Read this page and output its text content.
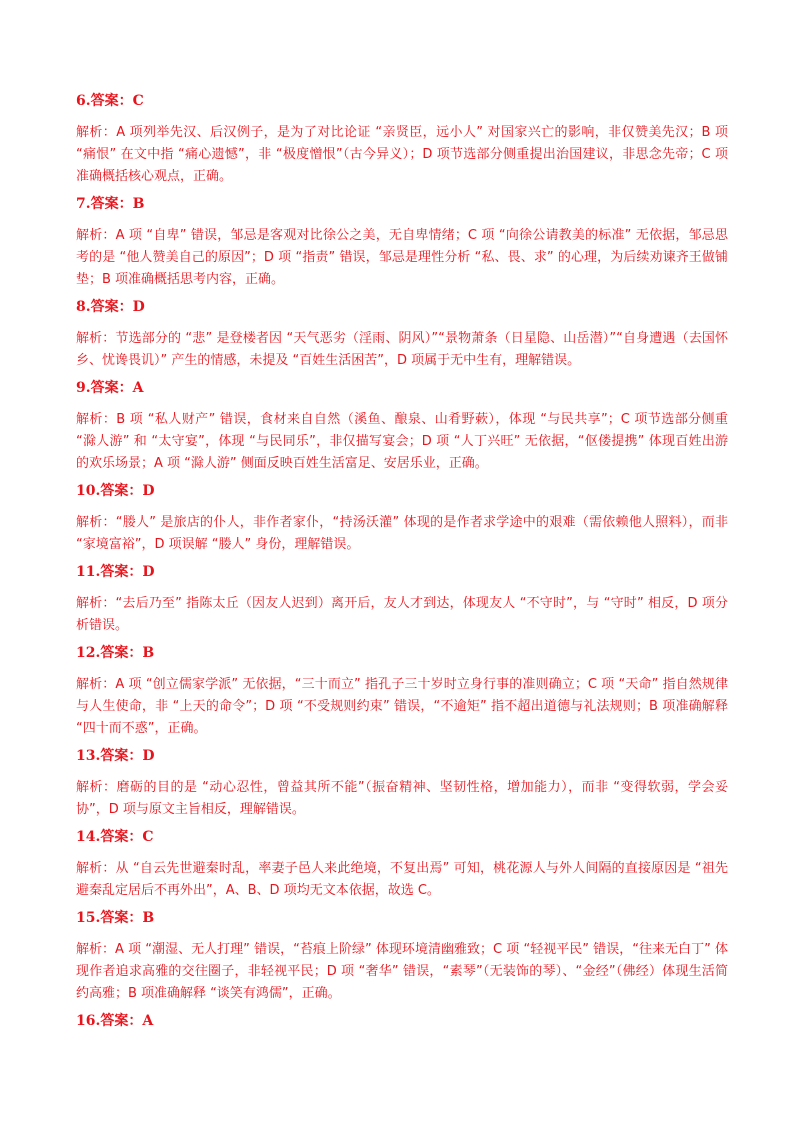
6.答案：C

解析：A 项列举先汉、后汉例子，是为了对比论证 “亲贤臣，远小人” 对国家兴亡的影响，非仅赞美先汉；B 项 “痛恨” 在文中指 “痛心遗憾”，非 “极度憎恨”（古今异义）；D 项节选部分侧重提出治国建议，非思念先帝；C 项准确概括核心观点，正确。

7.答案：B

解析：A 项 “自卑” 错误，邹忌是客观对比徐公之美，无自卑情绪；C 项 “向徐公请教美的标准” 无依据，邹忌思考的是 “他人赞美自己的原因”；D 项 “指责” 错误，邹忌是理性分析 “私、畏、求” 的心理，为后续劝谏齐王做铺垫；B 项准确概括思考内容，正确。

8.答案：D

解析：节选部分的 “悲” 是登楼者因 “天气恶劣（淫雨、阴风）”“景物萧条（日星隐、山岳潜）”“自身遭遇（去国怀乡、忧谗畏讥）” 产生的情感，未提及 “百姓生活困苦”，D 项属于无中生有，理解错误。

9.答案：A

解析：B 项 “私人财产” 错误，食材来自自然（溪鱼、酿泉、山肴野蔌），体现 “与民共享”；C 项节选部分侧重 “滁人游” 和 “太守宴”，体现 “与民同乐”，非仅描写宴会；D 项 “人丁兴旺” 无依据，“伛偻提携” 体现百姓出游的欢乐场景；A 项 “滁人游” 侧面反映百姓生活富足、安居乐业，正确。

10.答案：D

解析：“媵人” 是旅店的仆人，非作者家仆，“持汤沃灌” 体现的是作者求学途中的艰难（需依赖他人照料），而非 “家境富裕”，D 项误解 “媵人” 身份，理解错误。

11.答案：D

解析：“去后乃至” 指陈太丘（因友人迟到）离开后，友人才到达，体现友人 “不守时”，与 “守时” 相反，D 项分析错误。

12.答案：B

解析：A 项 “创立儒家学派” 无依据，“三十而立” 指孔子三十岁时立身行事的准则确立；C 项 “天命” 指自然规律与人生使命，非 “上天的命令”；D 项 “不受规则约束” 错误，“不逾矩” 指不超出道德与礼法规则；B 项准确解释 “四十而不惑”，正确。

13.答案：D

解析：磨砺的目的是 “动心忍性，曾益其所不能”（振奋精神、坚韧性格，增加能力），而非 “变得软弱，学会妥协”，D 项与原文主旨相反，理解错误。

14.答案：C

解析：从 “自云先世避秦时乱，率妻子邑人来此绝境，不复出焉” 可知，桃花源人与外人间隔的直接原因是 “祖先避秦乱定居后不再外出”，A、B、D 项均无文本依据，故选 C。

15.答案：B

解析：A 项 “潮湿、无人打理” 错误，“苔痕上阶绿” 体现环境清幽雅致；C 项 “轻视平民” 错误，“往来无白丁” 体现作者追求高雅的交往圈子，非轻视平民；D 项 “奢华” 错误，“素琴”（无装饰的琴）、“金经”（佛经）体现生活简约高雅；B 项准确解释 “谈笑有鸿儒”，正确。

16.答案：A
